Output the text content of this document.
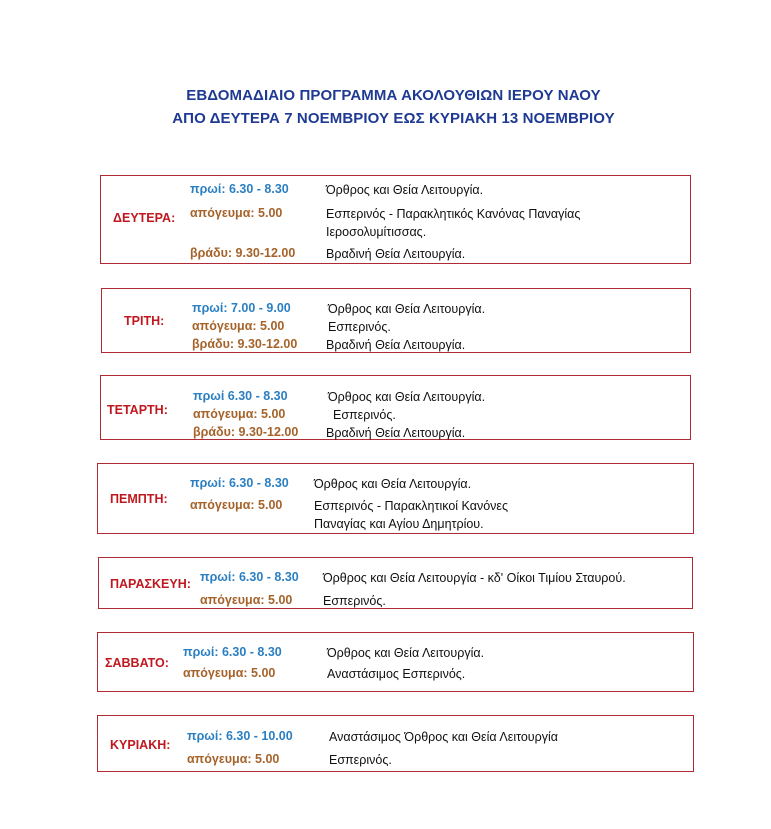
ΕΒΔΟΜΑΔΙΑΙΟ ΠΡΟΓΡΑΜΜΑ ΑΚΟΛΟΥΘΙΩΝ ΙΕΡΟΥ ΝΑΟΥ
ΑΠΟ ΔΕΥΤΕΡΑ 7 ΝΟΕΜΒΡΙΟΥ ΕΩΣ ΚΥΡΙΑΚΗ 13 ΝΟΕΜΒΡΙΟΥ
ΔΕΥΤΕΡΑ:
πρωί: 6.30 - 8.30	Όρθρος και Θεία Λειτουργία.
απόγευμα: 5.00	Εσπερινός - Παρακλητικός Κανόνας Παναγίας
Ιεροσολυμίτισσας.
βράδυ: 9.30-12.00 Βραδινή Θεία Λειτουργία.
ΤΡΙΤΗ:
πρωί: 7.00 - 9.00	Όρθρος και Θεία Λειτουργία.
απόγευμα: 5.00	Εσπερινός.
βράδυ: 9.30-12.00 Βραδινή Θεία Λειτουργία.
ΤΕΤΑΡΤΗ:
πρωί 6.30 - 8.30	Όρθρος και Θεία Λειτουργία.
απόγευμα: 5.00	Εσπερινός.
βράδυ: 9.30-12.00 Βραδινή Θεία Λειτουργία.
ΠΕΜΠΤΗ:
πρωί: 6.30 - 8.30 Όρθρος και Θεία Λειτουργία.
απόγευμα: 5.00	Εσπερινός - Παρακλητικοί Κανόνες
Παναγίας και Αγίου Δημητρίου.
ΠΑΡΑΣΚΕΥΗ: πρωί: 6.30 - 8.30 Όρθρος και Θεία Λειτουργία - κδ' Οίκοι Τιμίου Σταυρού.
απόγευμα: 5.00 Εσπερινός.
ΣΑΒΒΑΤΟ:
πρωί: 6.30 - 8.30	Όρθρος και Θεία Λειτουργία.
απόγευμα: 5.00	Αναστάσιμος Εσπερινός.
ΚΥΡΙΑΚΗ:
πρωί: 6.30 - 10.00	Αναστάσιμος Όρθρος και Θεία Λειτουργία
απόγευμα: 5.00	Εσπερινός.
